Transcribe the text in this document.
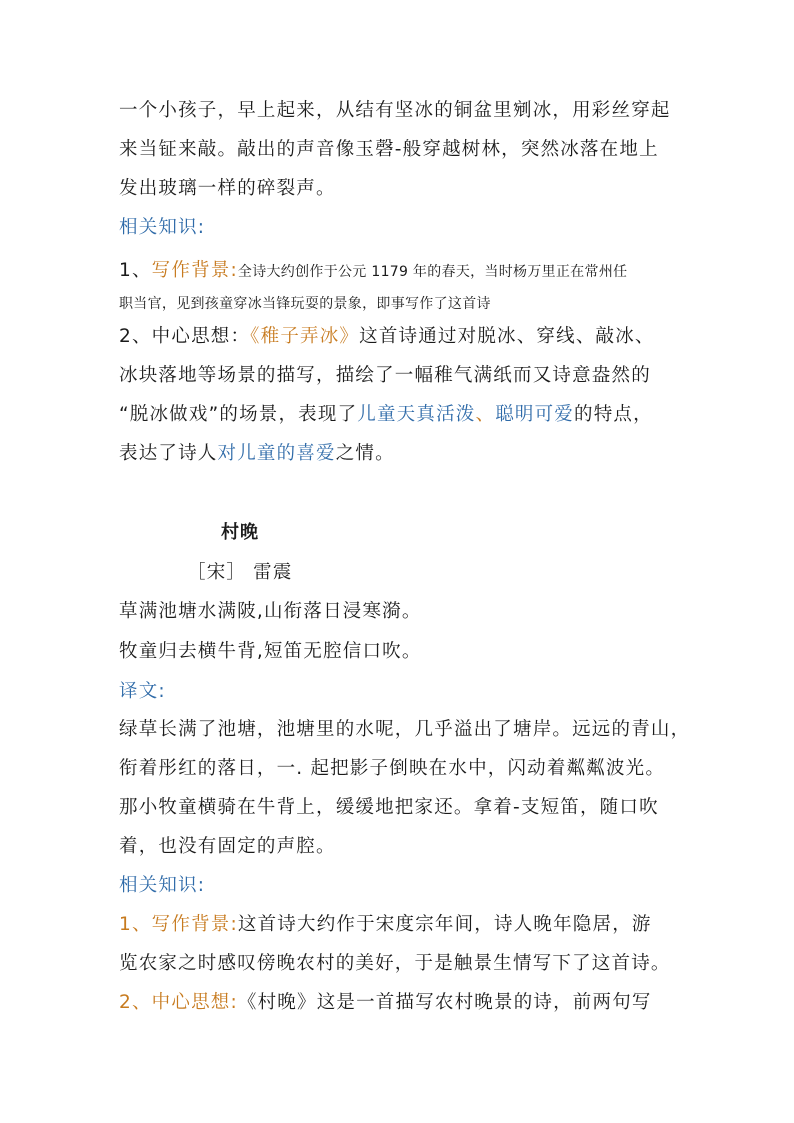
一个小孩子，早上起来，从结有坚冰的铜盆里剜冰，用彩丝穿起
来当钲来敲。敲出的声音像玉磬-般穿越树林，突然冰落在地上
发出玻璃一样的碎裂声。
相关知识:
1、写作背景:全诗大约创作于公元 1179 年的春天，当时杨万里正在常州任
职当官，见到孩童穿冰当锋玩耍的景象，即事写作了这首诗
2、中心思想：《稚子弄冰》这首诗通过对脱冰、穿线、敲冰、
冰块落地等场景的描写，描绘了一幅稚气满纸而又诗意盎然的
“脱冰做戏”的场景，表现了儿童天真活泼、聪明可爱的特点，
表达了诗人对儿童的喜爱之情。
村晚
［宋］ 雷震
草满池塘水满陂,山衔落日浸寒漪。
牧童归去横牛背,短笛无腔信口吹。
译文:
绿草长满了池塘，池塘里的水呢，几乎溢出了塘岸。远远的青山，
衔着彤红的落日，一. 起把影子倒映在水中，闪动着粼粼波光。
那小牧童横骑在牛背上，缓缓地把家还。拿着-支短笛，随口吹
着，也没有固定的声腔。
相关知识:
1、写作背景:这首诗大约作于宋度宗年间，诗人晚年隐居，游
览农家之时感叹傍晚农村的美好，于是触景生情写下了这首诗。
2、中心思想:《村晚》这是一首描写农村晚景的诗，前两句写
